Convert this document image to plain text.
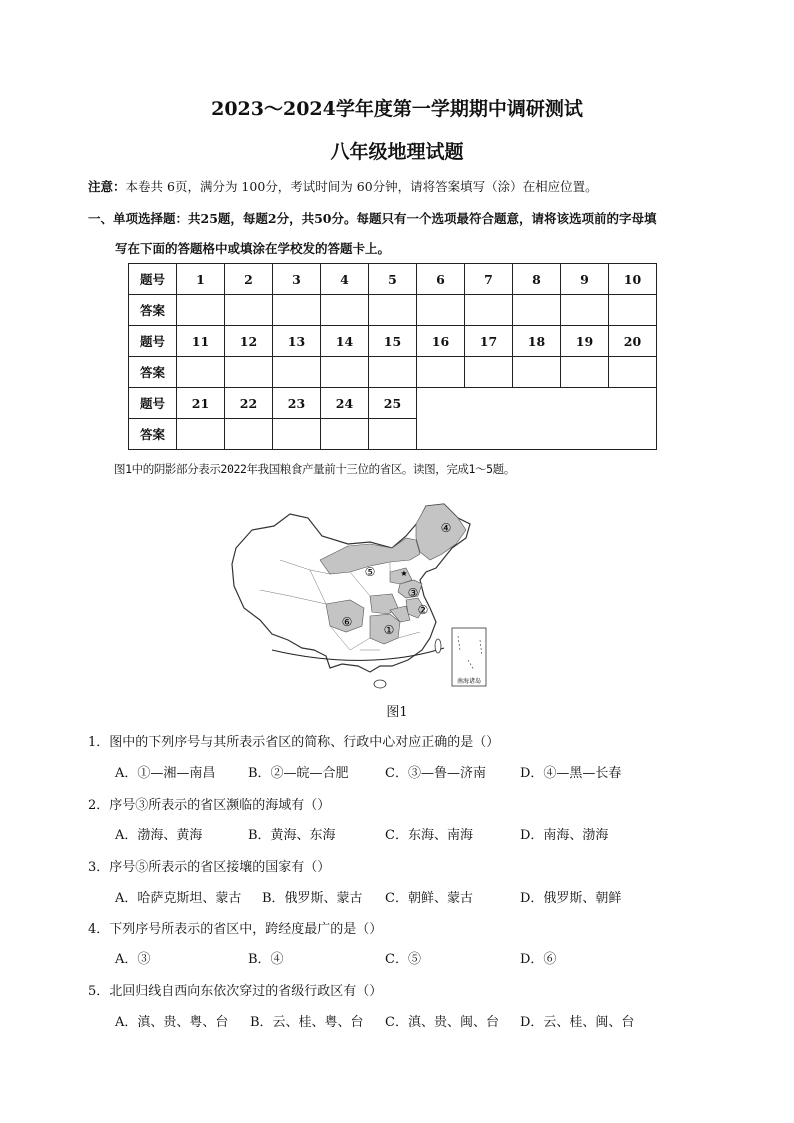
2023～2024学年度第一学期期中调研测试
八年级地理试题
注意：本卷共 6页，满分为 100分，考试时间为 60分钟，请将答案填写（涂）在相应位置。
一、单项选择题：共25题，每题2分，共50分。每题只有一个选项最符合题意，请将该选项前的字母填
写在下面的答题格中或填涂在学校发的答题卡上。
题号	1	2	3	4	5	6	7	8	9	10
答案										
题号	11	12	13	14	15	16	17	18	19	20
答案										
题号	21	22	23	24	25					
答案										
图1中的阴影部分表示2022年我国粮食产量前十三位的省区。读图，完成1～5题。
南海诸岛
★
④
⑤
③
②
⑥
①
图1
1．图中的下列序号与其所表示省区的简称、行政中心对应正确的是（）
A．①—湘—南昌	B．②—皖—合肥	C．③—鲁—济南	D．④—黑—长春
2．序号③所表示的省区濒临的海域有（）
A．渤海、黄海	B．黄海、东海	C．东海、南海	D．南海、渤海
3．序号⑤所表示的省区接壤的国家有（）
A．哈萨克斯坦、蒙古 B．俄罗斯、蒙古 C．朝鲜、蒙古	D．俄罗斯、朝鲜
4．下列序号所表示的省区中，跨经度最广的是（）
A．③	B．④	C．⑤	D．⑥
5．北回归线自西向东依次穿过的省级行政区有（）
A．滇、贵、粤、台 B．云、桂、粤、台 C．滇、贵、闽、台 D．云、桂、闽、台
